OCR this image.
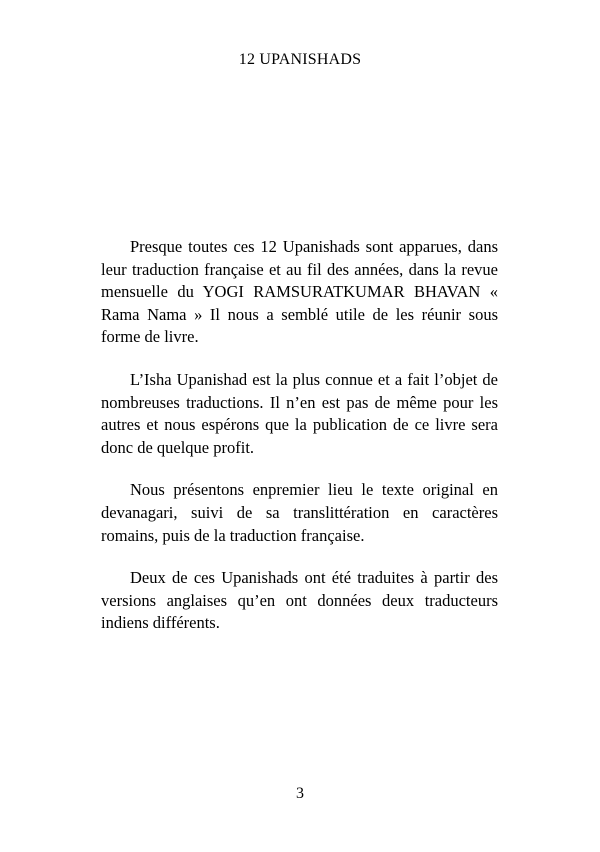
12 UPANISHADS

Presque toutes ces 12 Upanishads sont apparues, dans leur traduction française et au fil des années, dans la revue mensuelle du YOGI RAMSURATKUMAR BHAVAN « Rama Nama » Il nous a semblé utile de les réunir sous forme de livre.

L’Isha Upanishad est la plus connue et a fait l’objet de nombreuses traductions. Il n’en est pas de même pour les autres et nous espérons que la publication de ce livre sera donc de quelque profit.

Nous présentons enpremier lieu le texte original en devanagari, suivi de sa translittération en caractères romains, puis de la traduction française.

Deux de ces Upanishads ont été traduites à partir des versions anglaises qu’en ont données deux traducteurs indiens différents.

3
